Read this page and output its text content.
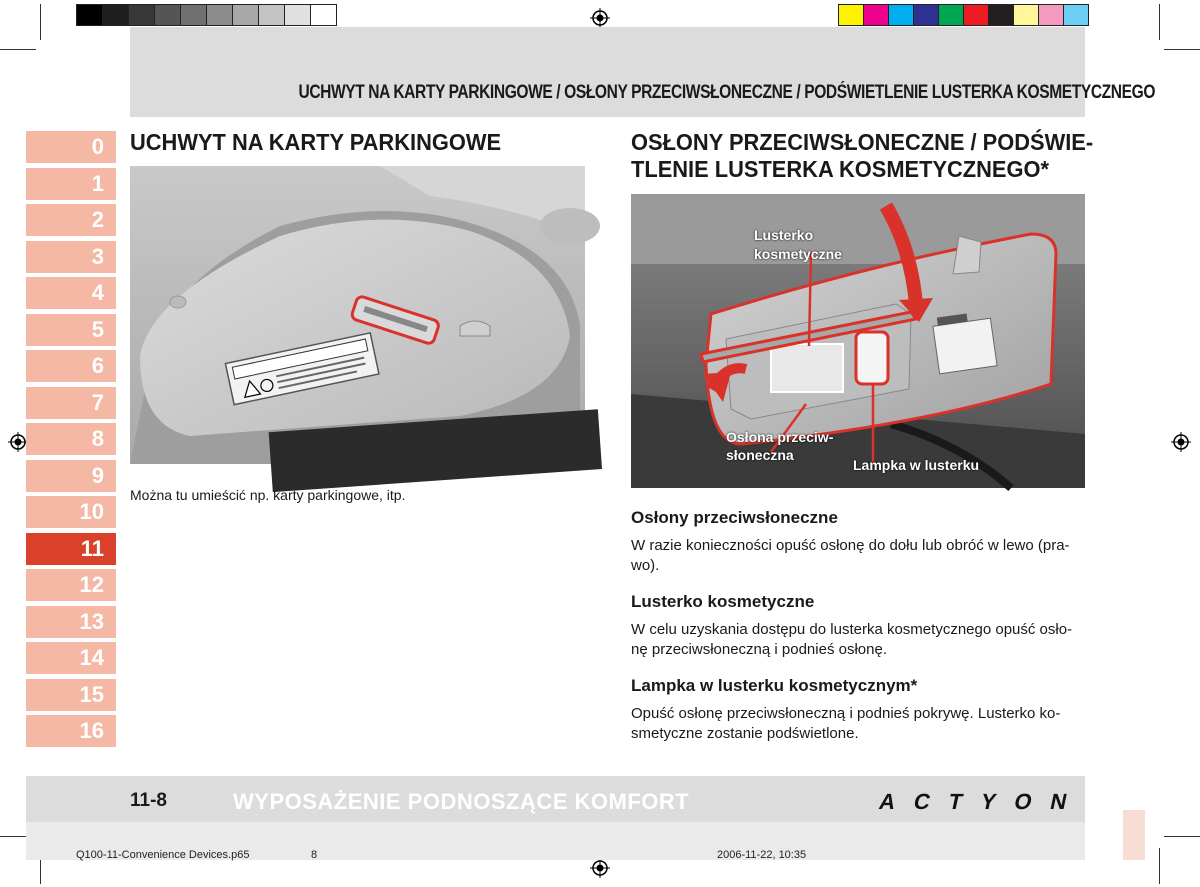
UCHWYT NA KARTY PARKINGOWE / OSŁONY PRZECIWSŁONECZNE / PODŚWIETLENIE LUSTERKA KOSMETYCZNEGO
0
1
2
3
4
5
6
7
8
9
10
11
12
13
14
15
16
UCHWYT NA KARTY PARKINGOWE
Można tu umieścić np. karty parkingowe, itp.
OSŁONY PRZECIWSŁONECZNE / PODŚWIE-
TLENIE LUSTERKA KOSMETYCZNEGO*
Lusterko
kosmetyczne
Osłona przeciw-
słoneczna
Lampka w lusterku
Osłony przeciwsłoneczne
W razie konieczności opuść osłonę do dołu lub obróć w lewo (pra-
wo).
Lusterko kosmetyczne
W celu uzyskania dostępu do lusterka kosmetycznego opuść osło-
nę przeciwsłoneczną i podnieś osłonę.
Lampka w lusterku kosmetycznym*
Opuść osłonę przeciwsłoneczną i podnieś pokrywę. Lusterko ko-
smetyczne zostanie podświetlone.
11-8	WYPOSAŻENIE PODNOSZĄCE KOMFORT	ACTYON
Q100-11-Convenience Devices.p65	8	2006-11-22, 10:35
